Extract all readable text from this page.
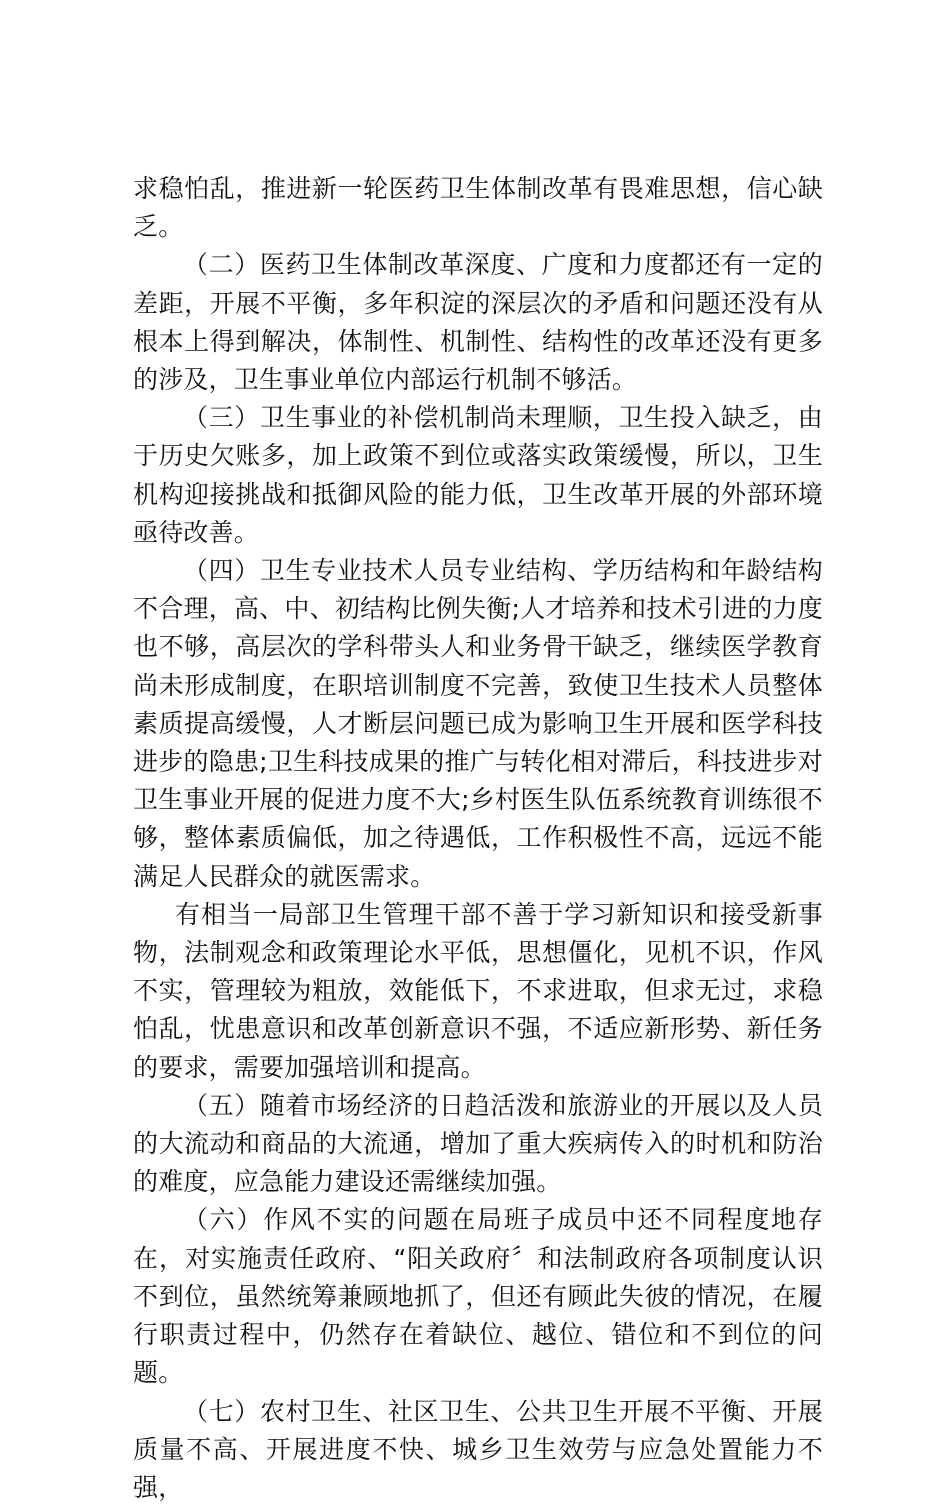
求稳怕乱，推进新一轮医药卫生体制改革有畏难思想，信心缺乏。

（二）医药卫生体制改革深度、广度和力度都还有一定的差距，开展不平衡，多年积淀的深层次的矛盾和问题还没有从根本上得到解决，体制性、机制性、结构性的改革还没有更多的涉及，卫生事业单位内部运行机制不够活。

（三）卫生事业的补偿机制尚未理顺，卫生投入缺乏，由于历史欠账多，加上政策不到位或落实政策缓慢，所以，卫生机构迎接挑战和抵御风险的能力低，卫生改革开展的外部环境亟待改善。

（四）卫生专业技术人员专业结构、学历结构和年龄结构不合理，高、中、初结构比例失衡;人才培养和技术引进的力度也不够，高层次的学科带头人和业务骨干缺乏，继续医学教育尚未形成制度，在职培训制度不完善，致使卫生技术人员整体素质提高缓慢，人才断层问题已成为影响卫生开展和医学科技进步的隐患;卫生科技成果的推广与转化相对滞后，科技进步对卫生事业开展的促进力度不大;乡村医生队伍系统教育训练很不够，整体素质偏低，加之待遇低，工作积极性不高，远远不能满足人民群众的就医需求。

有相当一局部卫生管理干部不善于学习新知识和接受新事物，法制观念和政策理论水平低，思想僵化，见机不识，作风不实，管理较为粗放，效能低下，不求进取，但求无过，求稳怕乱，忧患意识和改革创新意识不强，不适应新形势、新任务的要求，需要加强培训和提高。

（五）随着市场经济的日趋活泼和旅游业的开展以及人员的大流动和商品的大流通，增加了重大疾病传入的时机和防治的难度，应急能力建设还需继续加强。

（六）作风不实的问题在局班子成员中还不同程度地存在，对实施责任政府、“阳关政府〞和法制政府各项制度认识不到位，虽然统筹兼顾地抓了，但还有顾此失彼的情况，在履行职责过程中，仍然存在着缺位、越位、错位和不到位的问题。

（七）农村卫生、社区卫生、公共卫生开展不平衡、开展质量不高、开展进度不快、城乡卫生效劳与应急处置能力不强，
